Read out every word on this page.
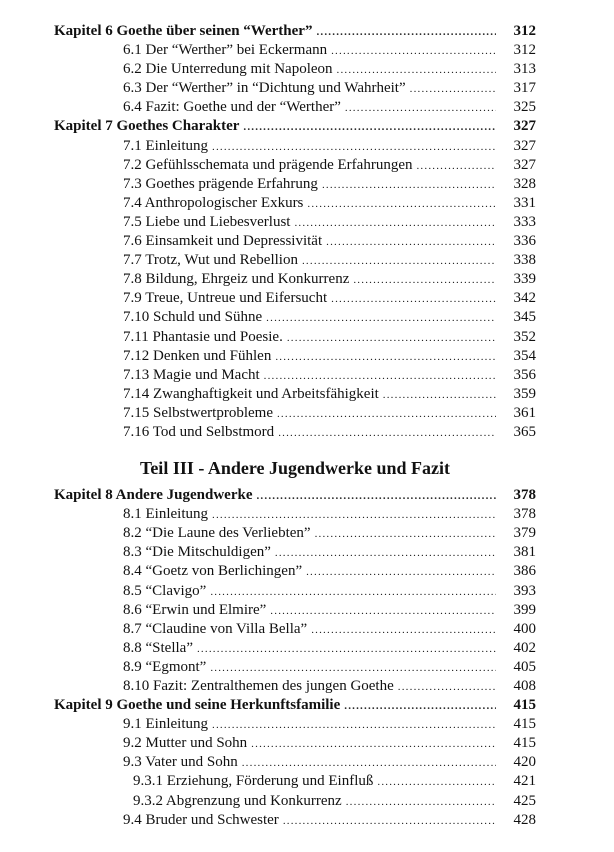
Kapitel 6 Goethe über seinen “Werther” .....	312
6.1 Der “Werther” bei Eckermann .....	312
6.2 Die Unterredung mit Napoleon .....	313
6.3 Der “Werther” in “Dichtung und Wahrheit” .....	317
6.4 Fazit: Goethe und der “Werther” .....	325
Kapitel 7 Goethes Charakter .....	327
7.1 Einleitung .....	327
7.2 Gefühlsschemata und prägende Erfahrungen .....	327
7.3 Goethes prägende Erfahrung .....	328
7.4 Anthropologischer Exkurs .....	331
7.5 Liebe und Liebesverlust .....	333
7.6 Einsamkeit und Depressivität .....	336
7.7 Trotz, Wut und Rebellion .....	338
7.8 Bildung, Ehrgeiz und Konkurrenz .....	339
7.9 Treue, Untreue und Eifersucht .....	342
7.10 Schuld und Sühne .....	345
7.11 Phantasie und Poesie. .....	352
7.12 Denken und Fühlen .....	354
7.13 Magie und Macht .....	356
7.14 Zwanghaftigkeit und Arbeitsfähigkeit .....	359
7.15 Selbstwertprobleme .....	361
7.16 Tod und Selbstmord .....	365
Teil III - Andere Jugendwerke und Fazit
Kapitel 8 Andere Jugendwerke .....	378
8.1 Einleitung .....	378
8.2 “Die Laune des Verliebten” .....	379
8.3 “Die Mitschuldigen” .....	381
8.4 “Goetz von Berlichingen” .....	386
8.5 “Clavigo” .....	393
8.6 “Erwin und Elmire” .....	399
8.7 “Claudine von Villa Bella” .....	400
8.8 “Stella” .....	402
8.9 “Egmont” .....	405
8.10 Fazit: Zentralthemen des jungen Goethe .....	408
Kapitel 9 Goethe und seine Herkunftsfamilie .....	415
9.1 Einleitung .....	415
9.2 Mutter und Sohn .....	415
9.3 Vater und Sohn .....	420
9.3.1 Erziehung, Förderung und Einfluß .....	421
9.3.2 Abgrenzung und Konkurrenz .....	425
9.4 Bruder und Schwester .....	428
